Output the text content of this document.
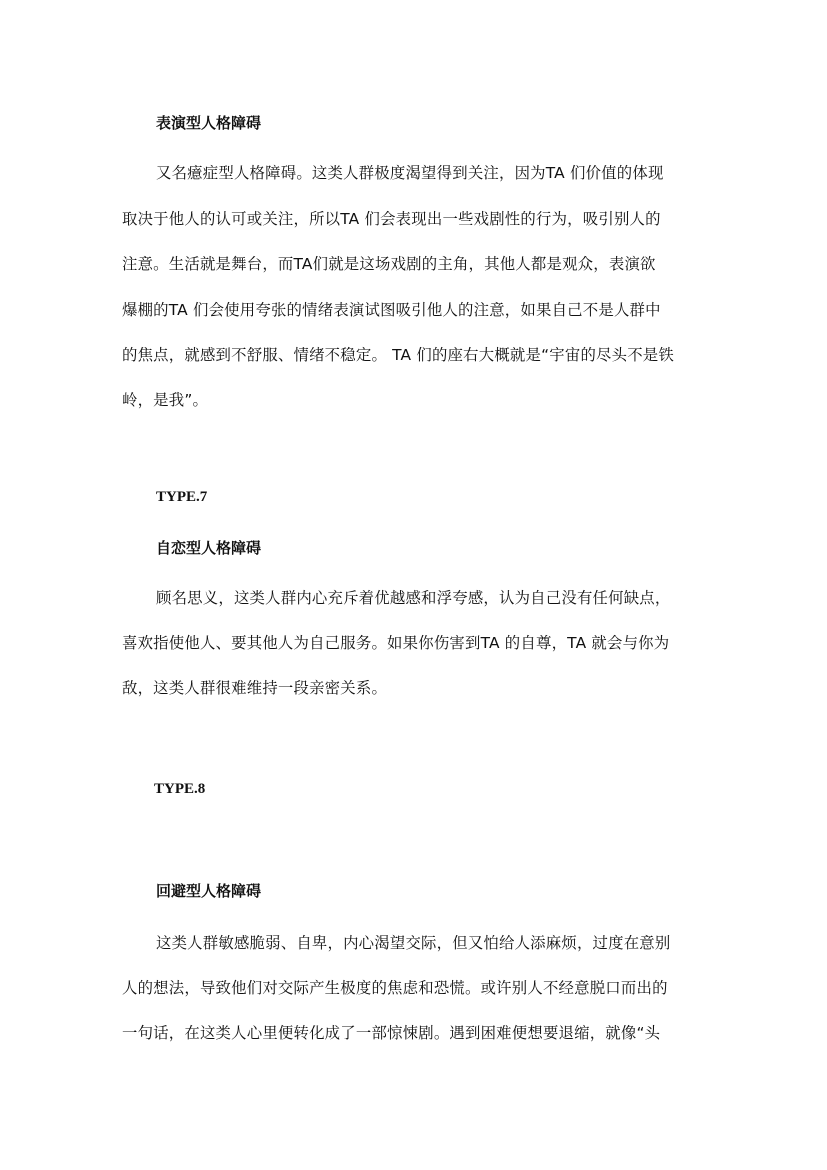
表演型人格障碍
又名癔症型人格障碍。这类人群极度渴望得到关注，因为TA 们价值的体现
取决于他人的认可或关注，所以TA 们会表现出一些戏剧性的行为，吸引别人的
注意。生活就是舞台，而TA们就是这场戏剧的主角，其他人都是观众，表演欲
爆棚的TA 们会使用夸张的情绪表演试图吸引他人的注意，如果自己不是人群中
的焦点，就感到不舒服、情绪不稳定。 TA 们的座右大概就是“宇宙的尽头不是铁
岭，是我”。
TYPE.7
自恋型人格障碍
顾名思义，这类人群内心充斥着优越感和浮夸感，认为自己没有任何缺点，
喜欢指使他人、要其他人为自己服务。如果你伤害到TA 的自尊，TA 就会与你为
敌，这类人群很难维持一段亲密关系。
TYPE.8
回避型人格障碍
这类人群敏感脆弱、自卑，内心渴望交际，但又怕给人添麻烦，过度在意别
人的想法，导致他们对交际产生极度的焦虑和恐慌。或许别人不经意脱口而出的
一句话，在这类人心里便转化成了一部惊悚剧。遇到困难便想要退缩，就像“头
